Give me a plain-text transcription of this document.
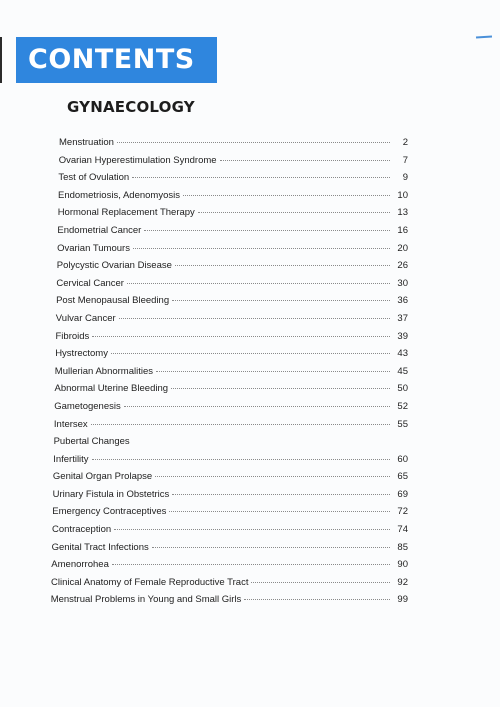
CONTENTS
GYNAECOLOGY
Menstruation	2
Ovarian Hyperestimulation Syndrome	7
Test of Ovulation	9
Endometriosis, Adenomyosis	10
Hormonal Replacement Therapy	13
Endometrial Cancer	16
Ovarian Tumours	20
Polycystic Ovarian Disease	26
Cervical Cancer	30
Post Menopausal Bleeding	36
Vulvar Cancer	37
Fibroids	39
Hystrectomy	43
Mullerian Abnormalities	45
Abnormal Uterine Bleeding	50
Gametogenesis	52
Intersex	55
Pubertal Changes
Infertility	60
Genital Organ Prolapse	65
Urinary Fistula in Obstetrics	69
Emergency Contraceptives	72
Contraception	74
Genital Tract Infections	85
Amenorrohea	90
Clinical Anatomy of Female Reproductive Tract	92
Menstrual Problems in Young and Small Girls	99
